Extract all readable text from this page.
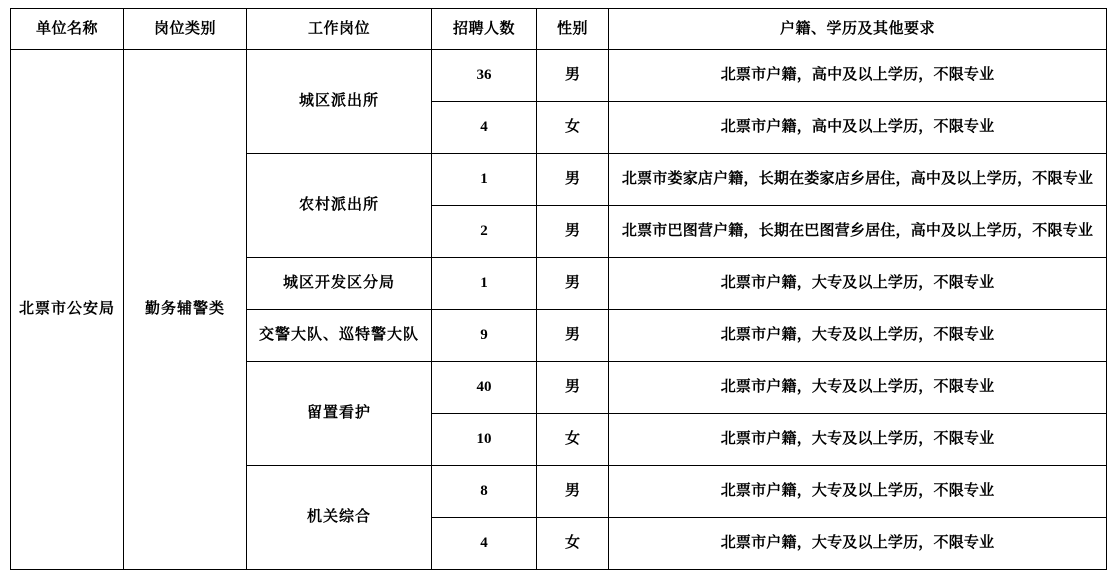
单位名称	岗位类别	工作岗位	招聘人数	性别	户籍、学历及其他要求
北票市公安局	勤务辅警类	城区派出所	36	男	北票市户籍，高中及以上学历，不限专业
			4	女	北票市户籍，高中及以上学历，不限专业
		农村派出所	1	男	北票市娄家店户籍，长期在娄家店乡居住，高中及以上学历，不限专业
			2	男	北票市巴图营户籍，长期在巴图营乡居住，高中及以上学历，不限专业
		城区开发区分局	1	男	北票市户籍，大专及以上学历，不限专业
		交警大队、巡特警大队	9	男	北票市户籍，大专及以上学历，不限专业
		留置看护	40	男	北票市户籍，大专及以上学历，不限专业
			10	女	北票市户籍，大专及以上学历，不限专业
		机关综合	8	男	北票市户籍，大专及以上学历，不限专业
			4	女	北票市户籍，大专及以上学历，不限专业
